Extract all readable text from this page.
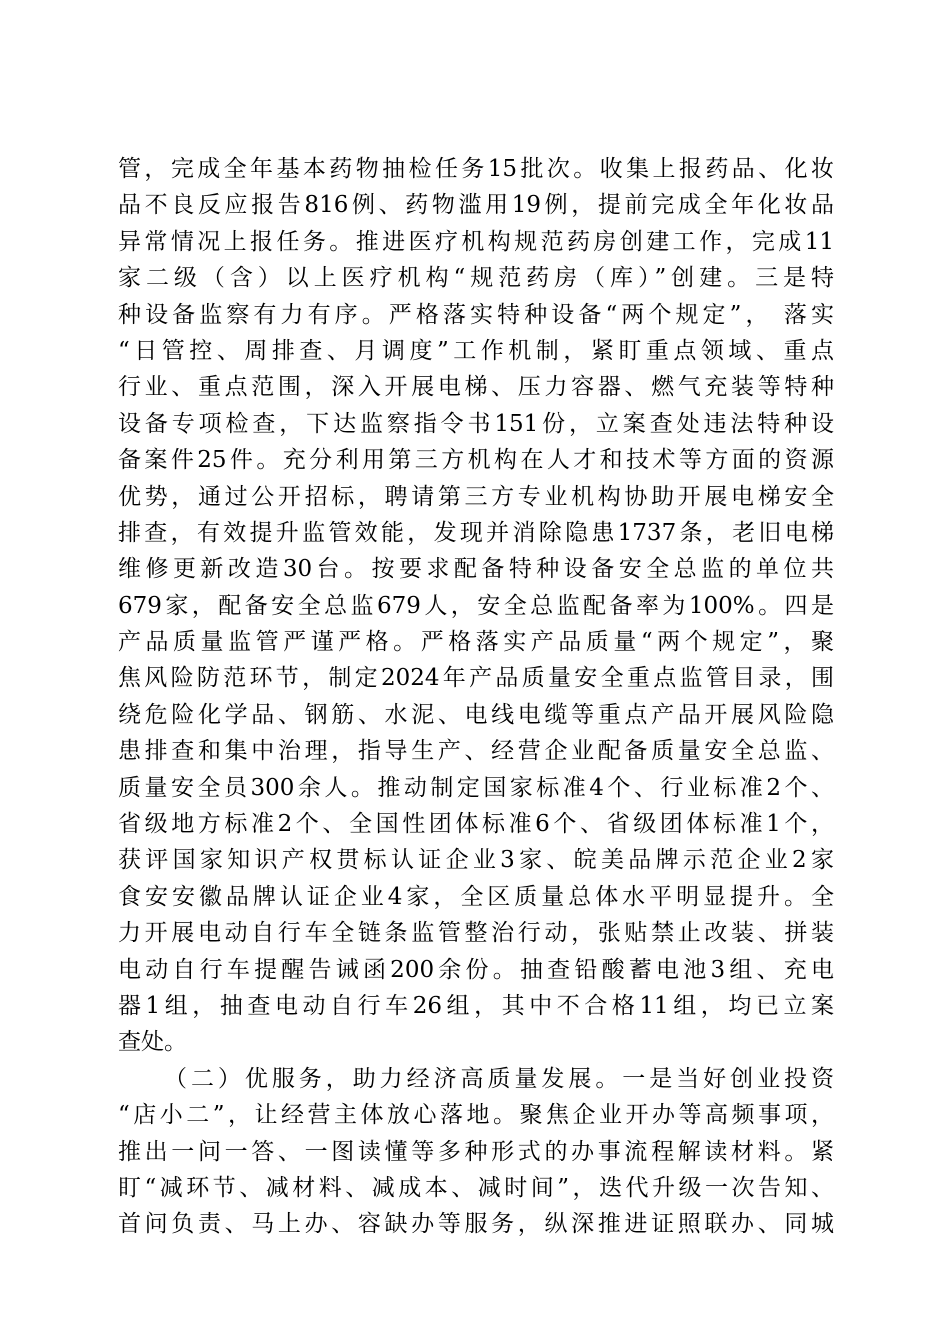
管，完成全年基本药物抽检任务15批次。收集上报药品、化妆
品不良反应报告816例、药物滥用19例，提前完成全年化妆品
异常情况上报任务。推进医疗机构规范药房创建工作，完成11
家二级（含）以上医疗机构“规范药房（库）”创建。三是特
种设备监察有力有序。严格落实特种设备“两个规定”， 落实
“日管控、周排查、月调度”工作机制，紧盯重点领域、重点
行业、重点范围，深入开展电梯、压力容器、燃气充装等特种
设备专项检查，下达监察指令书151份，立案查处违法特种设
备案件25件。充分利用第三方机构在人才和技术等方面的资源
优势，通过公开招标，聘请第三方专业机构协助开展电梯安全
排查，有效提升监管效能，发现并消除隐患1737条，老旧电梯
维修更新改造30台。按要求配备特种设备安全总监的单位共
679家，配备安全总监679人，安全总监配备率为100%。四是
产品质量监管严谨严格。严格落实产品质量“两个规定”，聚
焦风险防范环节，制定2024年产品质量安全重点监管目录，围
绕危险化学品、钢筋、水泥、电线电缆等重点产品开展风险隐
患排查和集中治理，指导生产、经营企业配备质量安全总监、
质量安全员300余人。推动制定国家标准4个、行业标准2个、
省级地方标准2个、全国性团体标准6个、省级团体标准1个，
获评国家知识产权贯标认证企业3家、皖美品牌示范企业2家
食安安徽品牌认证企业4家，全区质量总体水平明显提升。全
力开展电动自行车全链条监管整治行动，张贴禁止改装、拼装
电动自行车提醒告诫函200余份。抽查铅酸蓄电池3组、充电
器1组，抽查电动自行车26组，其中不合格11组，均已立案
查处。
（二）优服务，助力经济高质量发展。一是当好创业投资
“店小二”，让经营主体放心落地。聚焦企业开办等高频事项，
推出一问一答、一图读懂等多种形式的办事流程解读材料。紧
盯“减环节、减材料、减成本、减时间”，迭代升级一次告知、
首问负责、马上办、容缺办等服务，纵深推进证照联办、同城
